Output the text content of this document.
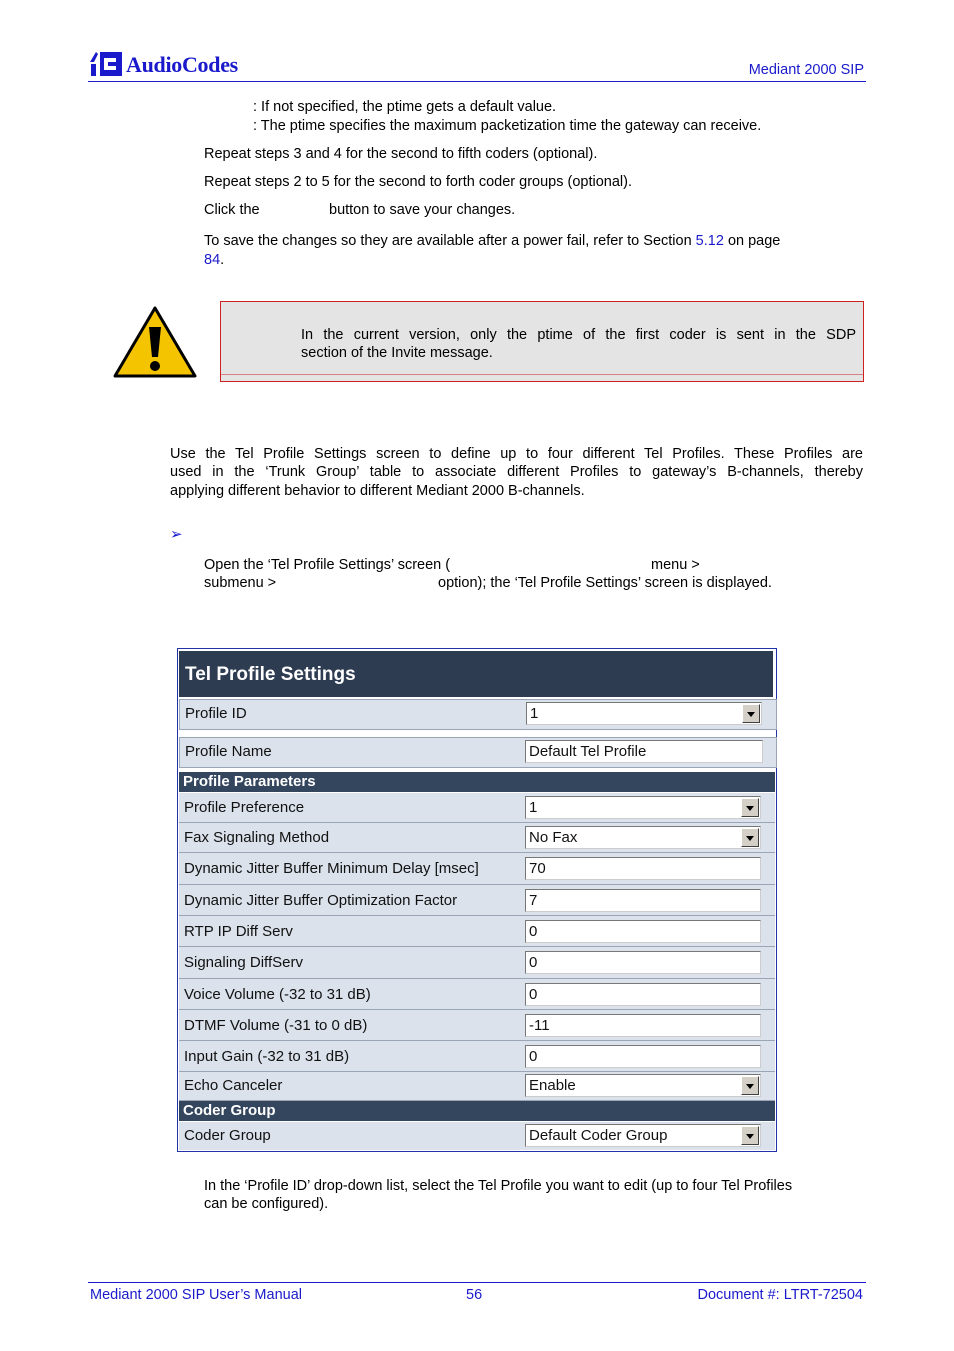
AudioCodes	Mediant 2000 SIP
: If not specified, the ptime gets a default value.
: The ptime specifies the maximum packetization time the gateway can receive.
Repeat steps 3 and 4 for the second to fifth coders (optional).
Repeat steps 2 to 5 for the second to forth coder groups (optional).
Click the	button to save your changes.
To save the changes so they are available after a power fail, refer to Section 5.12 on page
84.
In the current version, only the ptime of the first coder is sent in the SDP
section of the Invite message.
Use the Tel Profile Settings screen to define up to four different Tel Profiles. These Profiles are
used in the ‘Trunk Group’ table to associate different Profiles to gateway’s B-channels, thereby
applying different behavior to different Mediant 2000 B-channels.
➢
Open the ‘Tel Profile Settings’ screen (	menu >
submenu >	option); the ‘Tel Profile Settings’ screen is displayed.
Tel Profile Settings
Profile ID	1
Profile Name	Default Tel Profile
Profile Parameters
Profile Preference	1
Fax Signaling Method	No Fax
Dynamic Jitter Buffer Minimum Delay [msec]	70
Dynamic Jitter Buffer Optimization Factor	7
RTP IP Diff Serv	0
Signaling DiffServ	0
Voice Volume (-32 to 31 dB)	0
DTMF Volume (-31 to 0 dB)	-11
Input Gain (-32 to 31 dB)	0
Echo Canceler	Enable
Coder Group
Coder Group	Default Coder Group
In the ‘Profile ID’ drop-down list, select the Tel Profile you want to edit (up to four Tel Profiles
can be configured).
Mediant 2000 SIP User’s Manual	56	Document #: LTRT-72504
